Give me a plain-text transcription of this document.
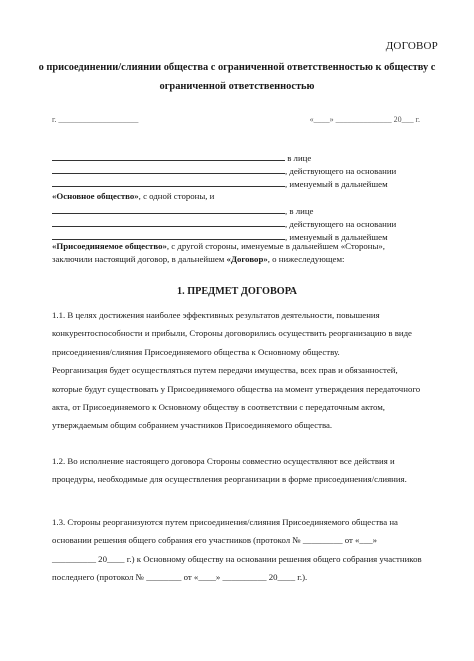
ДОГОВОР
о присоединении/слиянии общества с ограниченной ответственностью к обществу с
ограниченной ответственностью
г. ____________________	«____» ______________ 20___ г.
в лице
, действующего на основании
, именуемый в дальнейшем
«Основное общество», с одной стороны, и
, в лице
, действующего на основании
, именуемый в дальнейшем
«Присоединяемое общество», с другой стороны, именуемые в дальнейшем «Стороны»,
заключили настоящий договор, в дальнейшем «Договор», о нижеследующем:
1. ПРЕДМЕТ ДОГОВОРА

1.1. В целях достижения наиболее эффективных результатов деятельности, повышения конкурентоспособности и прибыли, Стороны договорились осуществить реорганизацию в виде присоединения/слияния Присоединяемого общества к Основному обществу.

Реорганизация будет осуществляться путем передачи имущества, всех прав и обязанностей, которые будут существовать у Присоединяемого общества на момент утверждения передаточного акта, от Присоединяемого к Основному обществу в соответствии с передаточным актом, утверждаемым общим собранием участников Присоединяемого общества.

1.2. Во исполнение настоящего договора Стороны совместно осуществляют все действия и процедуры, необходимые для осуществления реорганизации в форме присоединения/слияния.

1.3. Стороны реорганизуются путем присоединения/слияния Присоединяемого общества на основании решения общего собрания его участников (протокол № _________ от «___» __________ 20____ г.) к Основному обществу на основании решения общего собрания участников последнего (протокол № ________ от «____» __________ 20____ г.).
